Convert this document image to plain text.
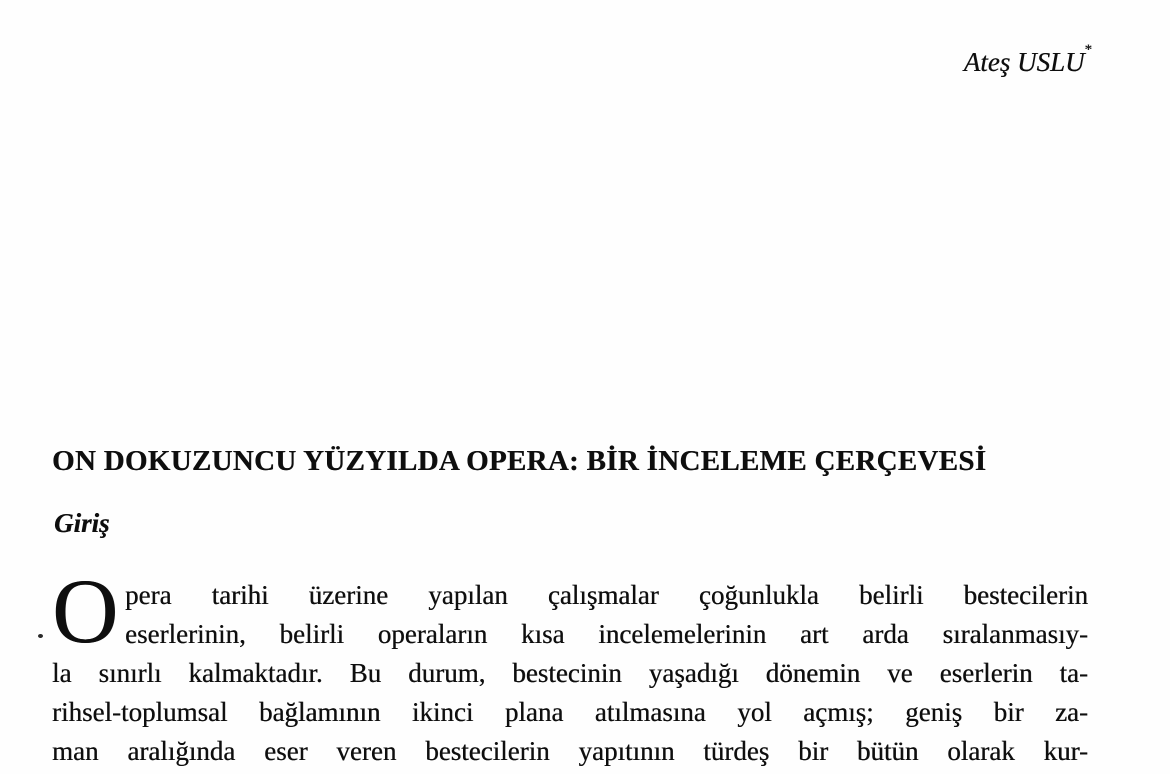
Ateş USLU*
ON DOKUZUNCU YÜZYILDA OPERA: BİR İNCELEME ÇERÇEVESİ
Giriş
O pera tarihi üzerine yapılan çalışmalar çoğunlukla belirli bestecilerin
eserlerinin, belirli operaların kısa incelemelerinin art arda sıralanmasıy-
la sınırlı kalmaktadır. Bu durum, bestecinin yaşadığı dönemin ve eserlerin ta-
rihsel-toplumsal bağlamının ikinci plana atılmasına yol açmış; geniş bir za-
man aralığında eser veren bestecilerin yapıtının türdeş bir bütün olarak kur-
